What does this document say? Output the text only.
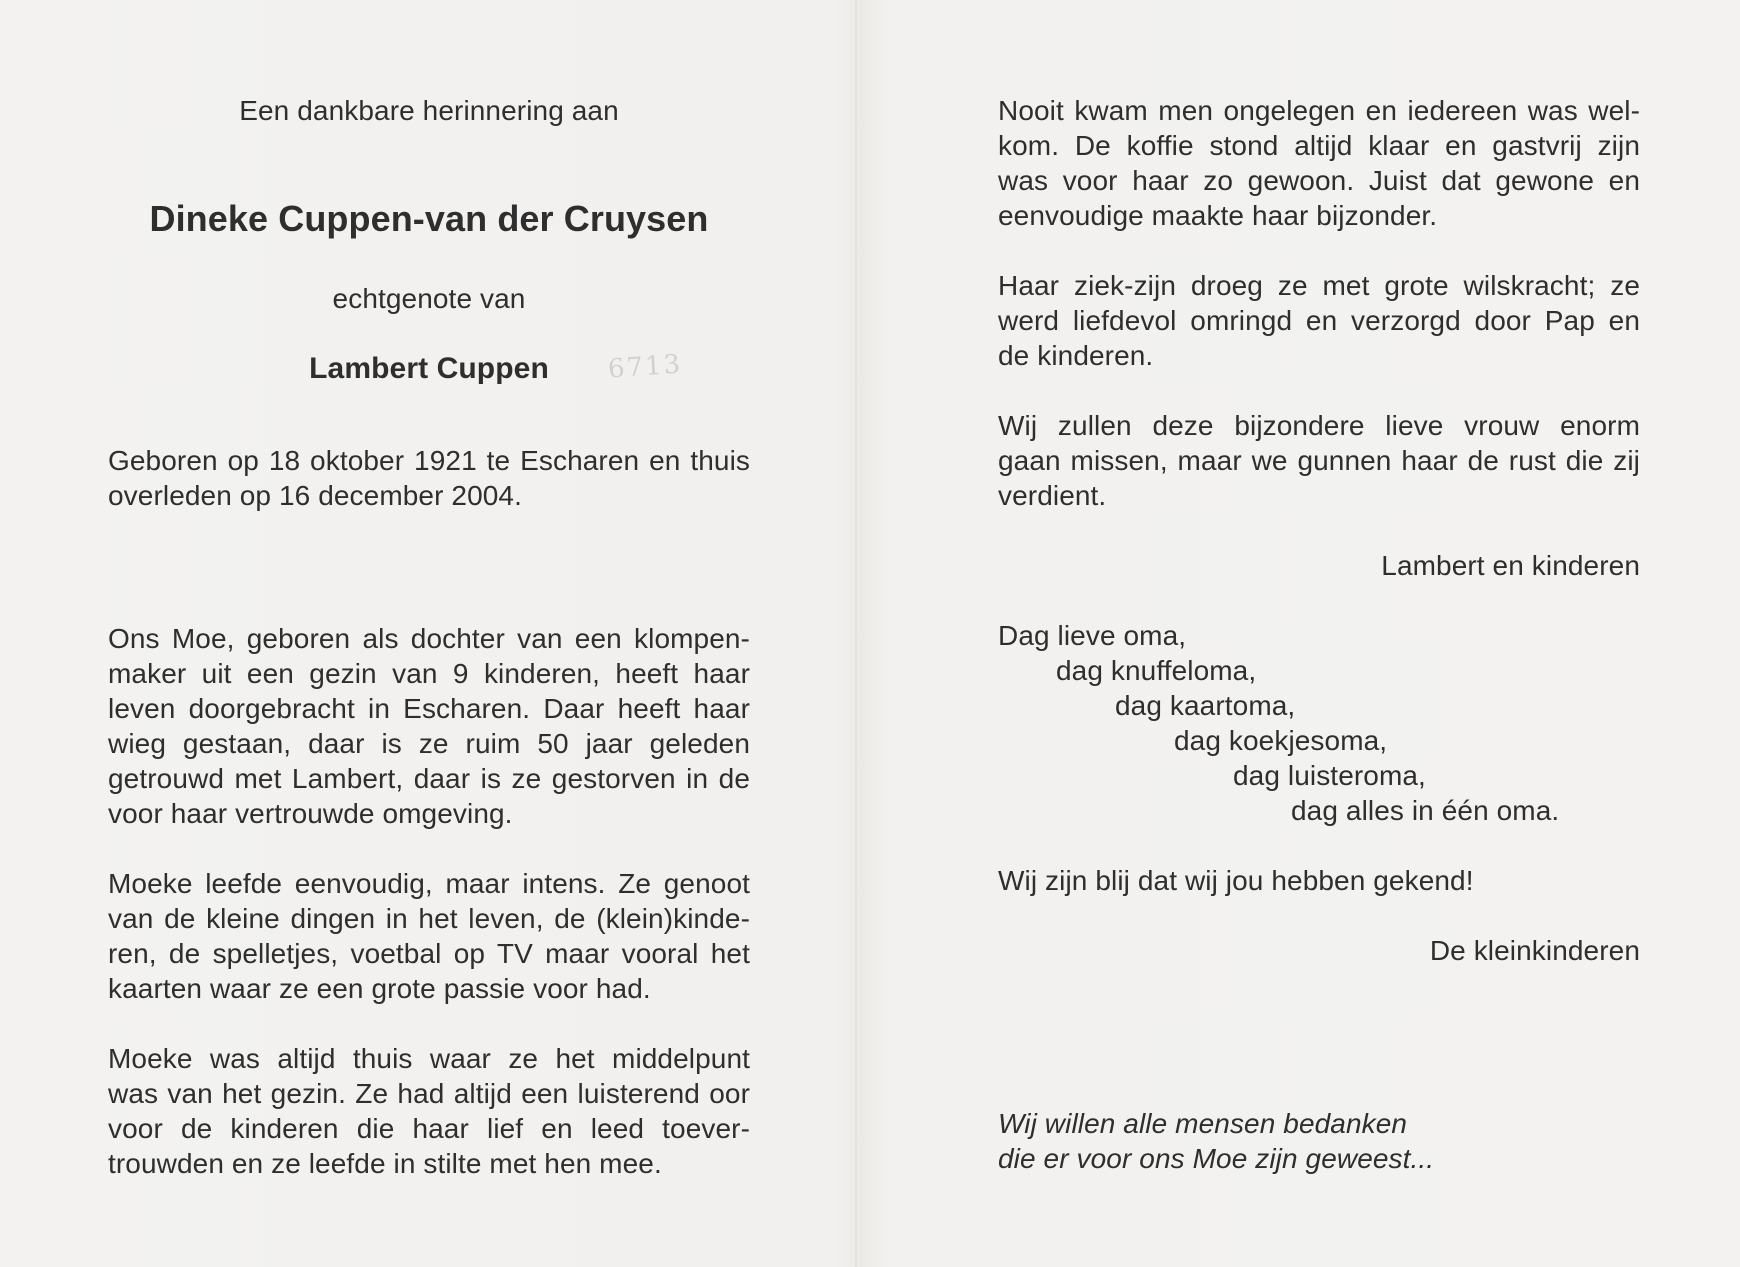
Een dankbare herinnering aan
Dineke Cuppen-van der Cruysen
echtgenote van
Lambert Cuppen
Geboren op 18 oktober 1921 te Escharen en thuis
overleden op 16 december 2004.
Ons Moe, geboren als dochter van een klompen-
maker uit een gezin van 9 kinderen, heeft haar
leven doorgebracht in Escharen. Daar heeft haar
wieg gestaan, daar is ze ruim 50 jaar geleden
getrouwd met Lambert, daar is ze gestorven in de
voor haar vertrouwde omgeving.
Moeke leefde eenvoudig, maar intens. Ze genoot
van de kleine dingen in het leven, de (klein)kinde-
ren, de spelletjes, voetbal op TV maar vooral het
kaarten waar ze een grote passie voor had.
Moeke was altijd thuis waar ze het middelpunt
was van het gezin. Ze had altijd een luisterend oor
voor de kinderen die haar lief en leed toever-
trouwden en ze leefde in stilte met hen mee.
6713
Nooit kwam men ongelegen en iedereen was wel-
kom. De koffie stond altijd klaar en gastvrij zijn
was voor haar zo gewoon. Juist dat gewone en
eenvoudige maakte haar bijzonder.
Haar ziek-zijn droeg ze met grote wilskracht; ze
werd liefdevol omringd en verzorgd door Pap en
de kinderen.
Wij zullen deze bijzondere lieve vrouw enorm
gaan missen, maar we gunnen haar de rust die zij
verdient.
Lambert en kinderen
Dag lieve oma,
dag knuffeloma,
dag kaartoma,
dag koekjesoma,
dag luisteroma,
dag alles in één oma.
Wij zijn blij dat wij jou hebben gekend!
De kleinkinderen
Wij willen alle mensen bedanken
die er voor ons Moe zijn geweest...
